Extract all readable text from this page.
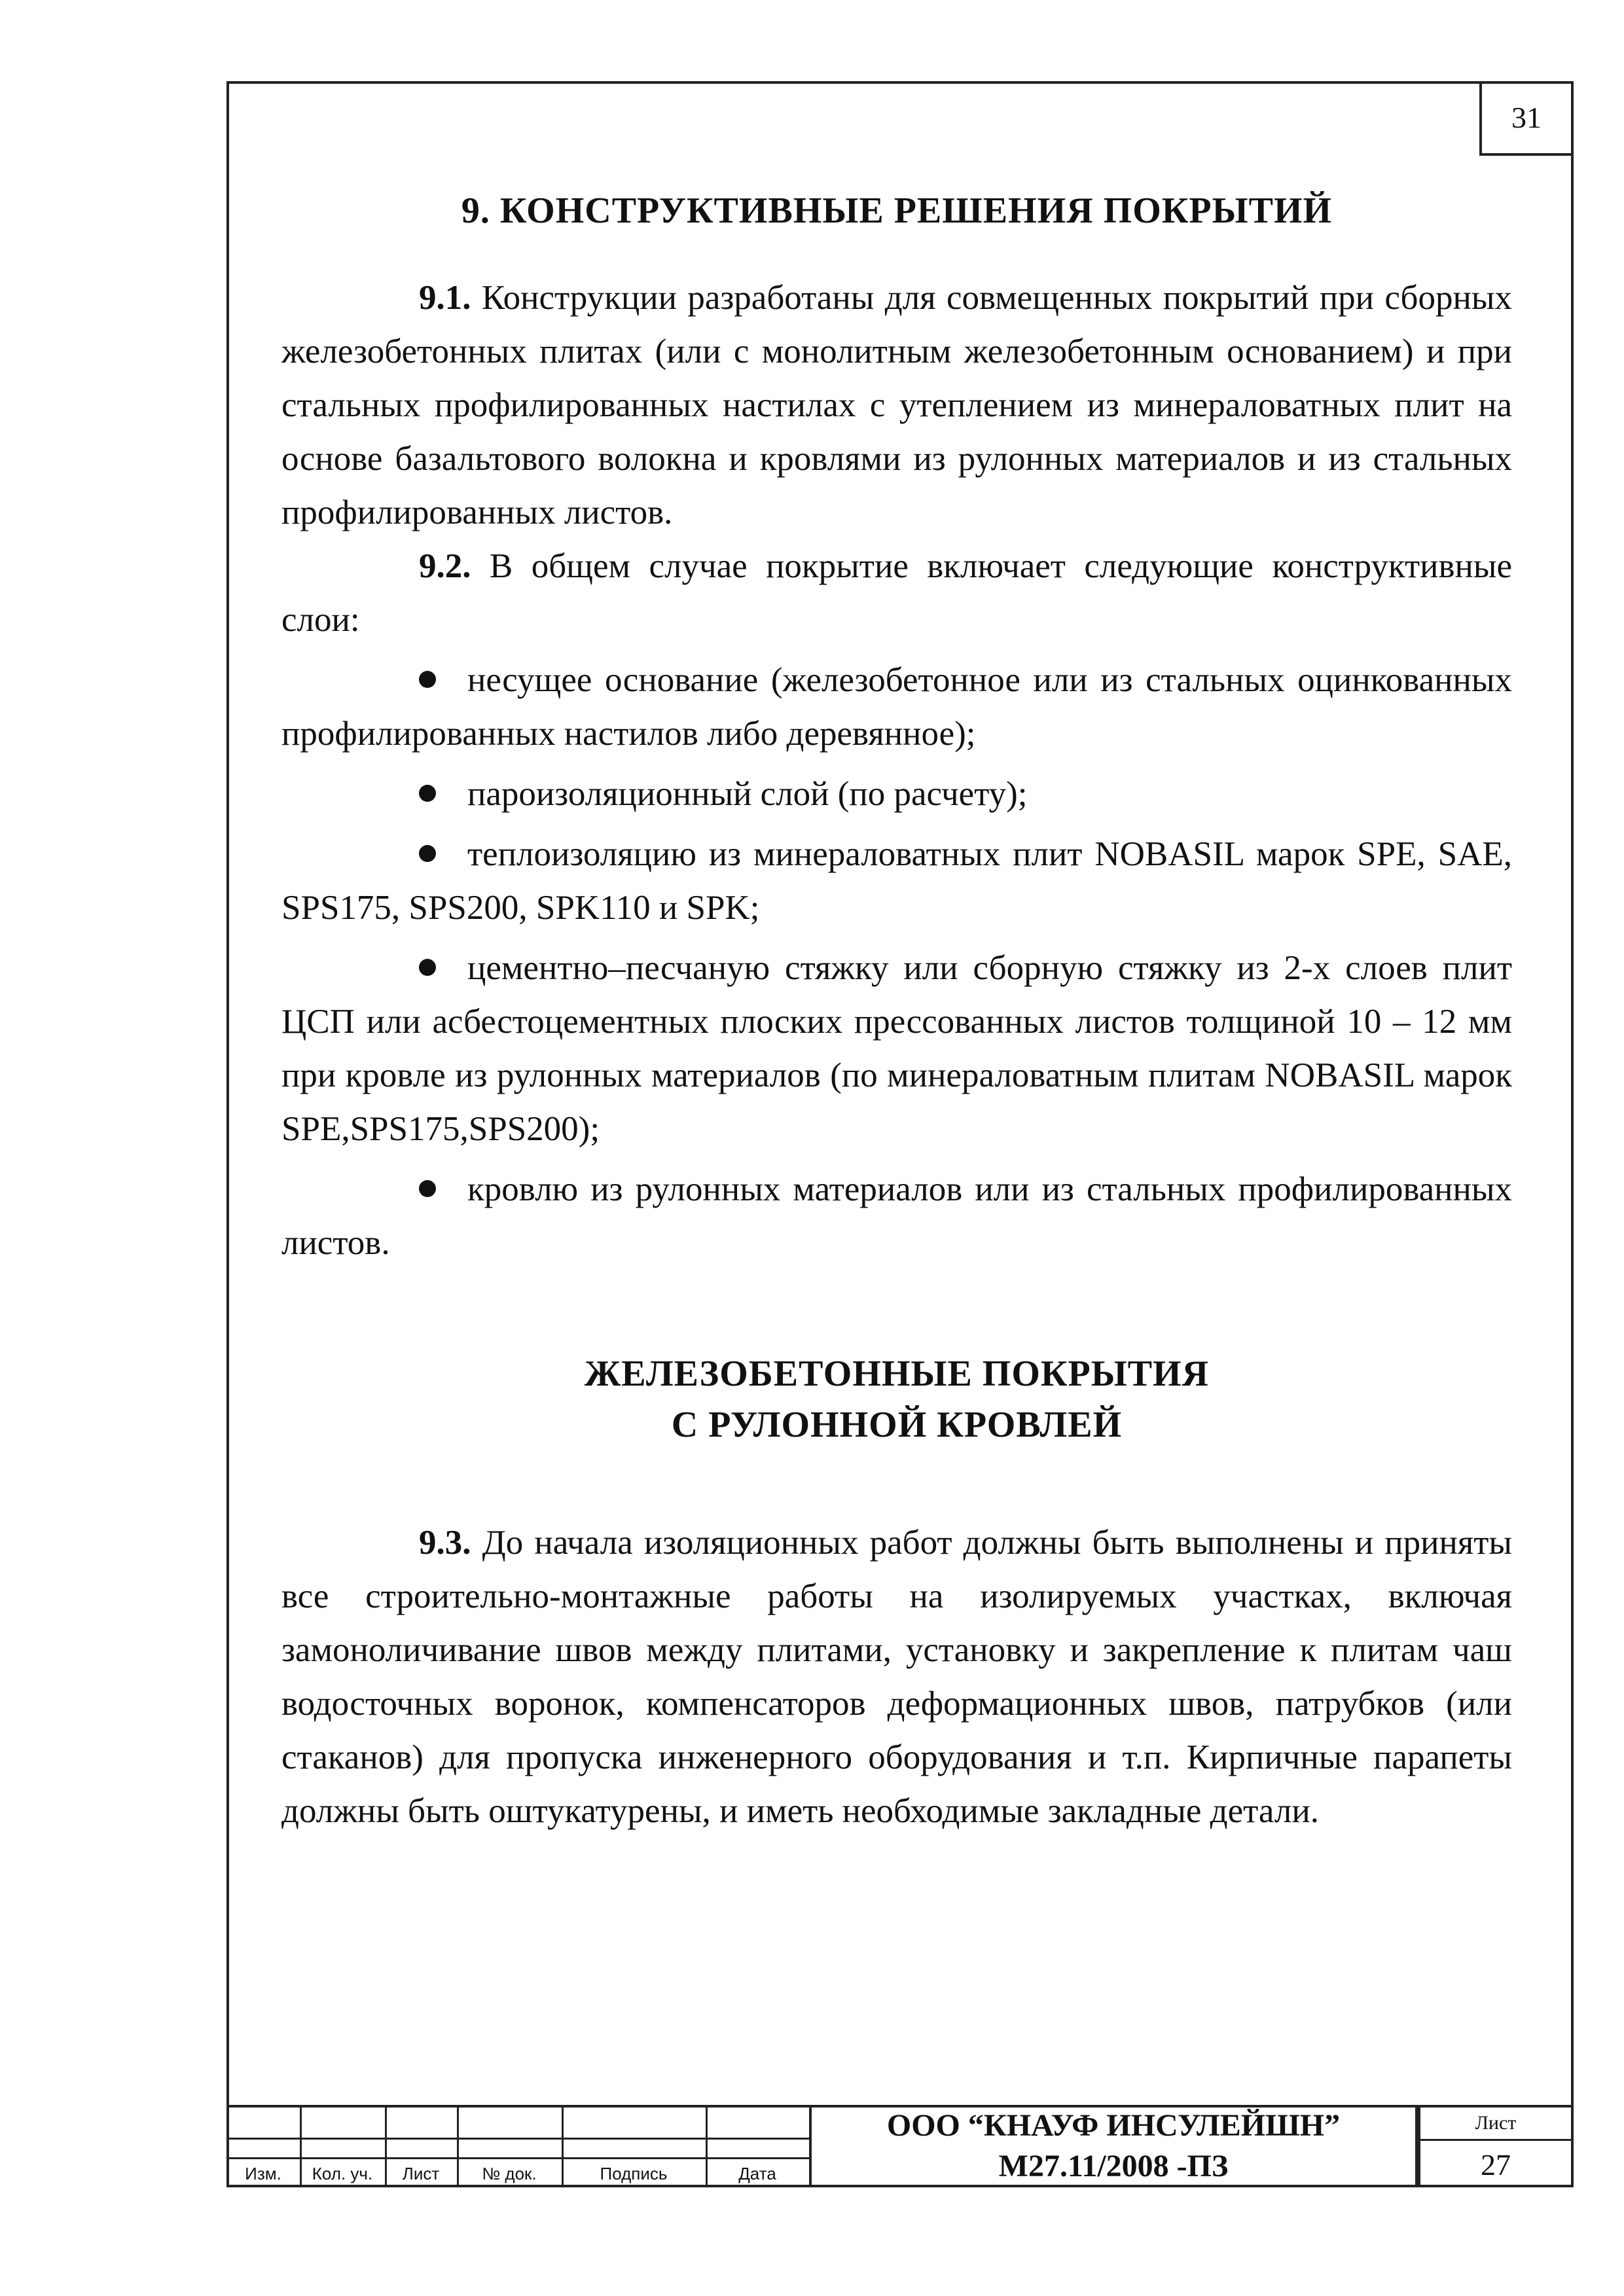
31
9. КОНСТРУКТИВНЫЕ РЕШЕНИЯ ПОКРЫТИЙ

9.1. Конструкции разработаны для совмещенных покрытий при сборных железобетонных плитах (или с монолитным железобетонным основанием) и при стальных профилированных настилах с утеплением из минераловатных плит на основе базальтового волокна и кровлями из рулонных материалов и из стальных профилированных листов.

9.2. В общем случае покрытие включает следующие конструктивные слои:

несущее основание (железобетонное или из стальных оцинкованных профилированных настилов либо деревянное);

пароизоляционный слой (по расчету);

теплоизоляцию из минераловатных плит NOBASIL марок SPE, SAE, SPS175, SPS200, SPK110 и SPK;

цементно–песчаную стяжку или сборную стяжку из 2-х слоев плит ЦСП или асбестоцементных плоских прессованных листов толщиной 10 – 12 мм при кровле из рулонных материалов (по минераловатным плитам NOBASIL марок SPE,SPS175,SPS200);

кровлю из рулонных материалов или из стальных профилированных листов.

ЖЕЛЕЗОБЕТОННЫЕ ПОКРЫТИЯ
С РУЛОННОЙ КРОВЛЕЙ

9.3. До начала изоляционных работ должны быть выполнены и приняты все строительно-монтажные работы на изолируемых участках, включая замоноличивание швов между плитами, установку и закрепление к плитам чаш водосточных воронок, компенсаторов деформационных швов, патрубков (или стаканов) для пропуска инженерного оборудования и т.п. Кирпичные парапеты должны быть оштукатурены, и иметь необходимые закладные детали.

Изм.	Кол. уч.	Лист	№ док.	Подпись	Дата
ООО “КНАУФ ИНСУЛЕЙШН”
М27.11/2008 -ПЗ
Лист
27
